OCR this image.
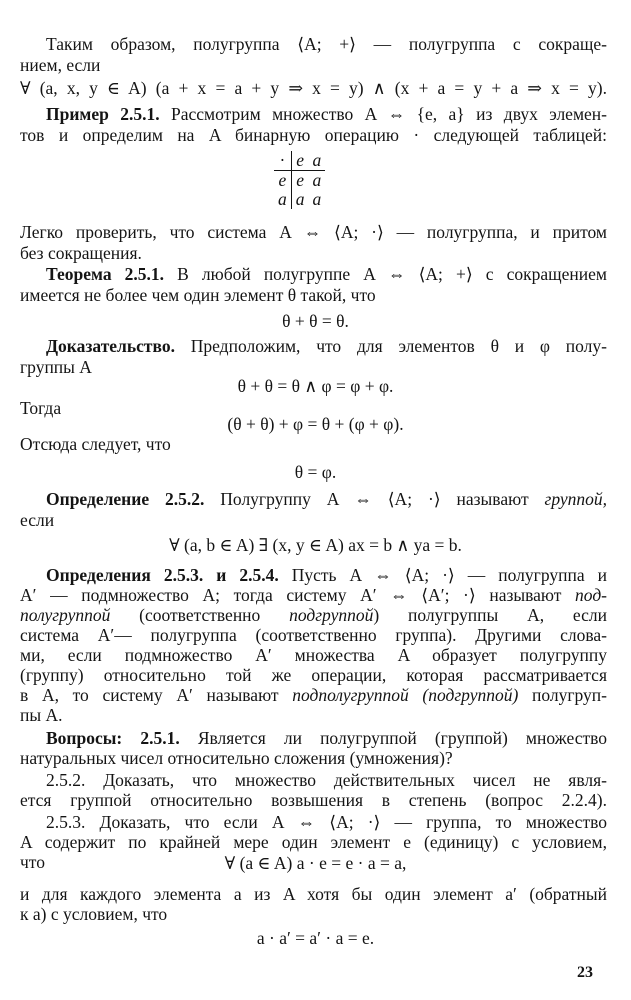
Таким образом, полугруппа ⟨A; +⟩ — полугруппа с сокраще-
нием, если
∀ (a, x, y ∈ A) (a + x = a + y ⇒ x = y) ∧ (x + a = y + a ⇒ x = y).
Пример 2.5.1. Рассмотрим множество A ⇔ {e, a} из двух элемен-
тов и определим на A бинарную операцию · следующей таблицей:
·	e	a
e	e	a
a	a	a
Легко проверить, что система A ⇔ ⟨A; ·⟩ — полугруппа, и притом
без сокращения.
Теорема 2.5.1. В любой полугруппе A ⇔ ⟨A; +⟩ с сокращением
имеется не более чем один элемент θ такой, что
θ + θ = θ.
Доказательство. Предположим, что для элементов θ и φ полу-
группы A
θ + θ = θ ∧ φ = φ + φ.
Тогда
(θ + θ) + φ = θ + (φ + φ).
Отсюда следует, что
θ = φ.
Определение 2.5.2. Полугруппу A ⇔ ⟨A; ·⟩ называют группой,
если
∀ (a, b ∈ A) ∃ (x, y ∈ A) ax = b ∧ ya = b.
Определения 2.5.3. и 2.5.4. Пусть A ⇔ ⟨A; ·⟩ — полугруппа и
A′ — подмножество A; тогда систему A′ ⇔ ⟨A′; ·⟩ называют под-
полугруппой (соответственно подгруппой) полугруппы A, если
система A′— полугруппа (соответственно группа). Другими слова-
ми, если подмножество A′ множества A образует полугруппу
(группу) относительно той же операции, которая рассматривается
в A, то систему A′ называют подполугруппой (подгруппой) полугруп-
пы A.
Вопросы: 2.5.1. Является ли полугруппой (группой) множество
натуральных чисел относительно сложения (умножения)?
2.5.2. Доказать, что множество действительных чисел не явля-
ется группой относительно возвышения в степень (вопрос 2.2.4).
2.5.3. Доказать, что если A ⇔ ⟨A; ·⟩ — группа, то множество
A содержит по крайней мере один элемент e (единицу) с условием,
что	∀ (a ∈ A) a · e = e · a = a,
и для каждого элемента a из A хотя бы один элемент a′ (обратный
к a) с условием, что
a · a′ = a′ · a = e.
23
